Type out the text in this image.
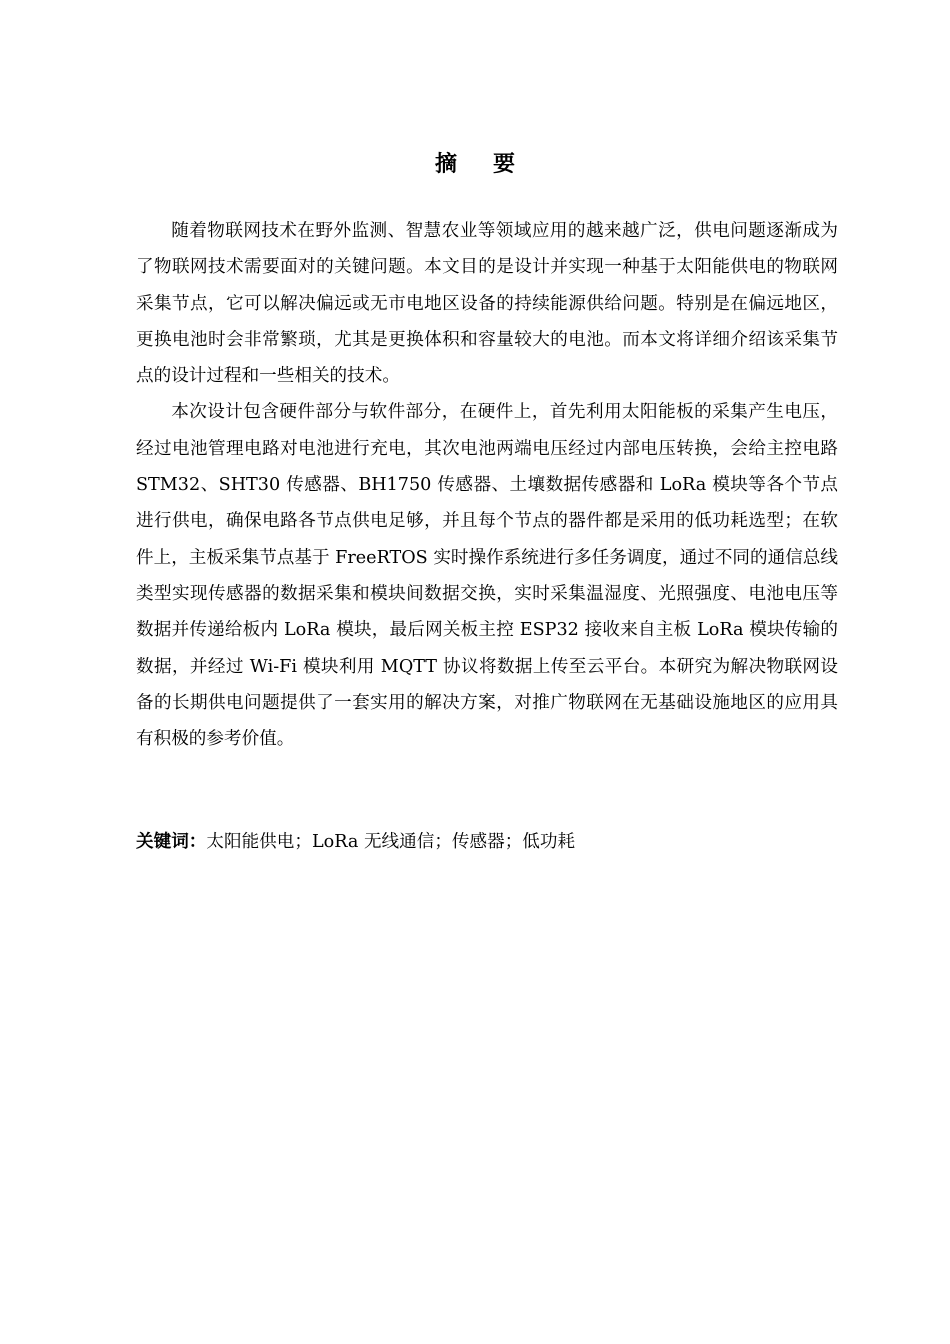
摘 要

随着物联网技术在野外监测、智慧农业等领域应用的越来越广泛，供电问题逐渐成为了物联网技术需要面对的关键问题。本文目的是设计并实现一种基于太阳能供电的物联网采集节点，它可以解决偏远或无市电地区设备的持续能源供给问题。特别是在偏远地区，更换电池时会非常繁琐，尤其是更换体积和容量较大的电池。而本文将详细介绍该采集节点的设计过程和一些相关的技术。

本次设计包含硬件部分与软件部分，在硬件上，首先利用太阳能板的采集产生电压，经过电池管理电路对电池进行充电，其次电池两端电压经过内部电压转换，会给主控电路 STM32、SHT30 传感器、BH1750 传感器、土壤数据传感器和 LoRa 模块等各个节点进行供电，确保电路各节点供电足够，并且每个节点的器件都是采用的低功耗选型；在软件上，主板采集节点基于 FreeRTOS 实时操作系统进行多任务调度，通过不同的通信总线类型实现传感器的数据采集和模块间数据交换，实时采集温湿度、光照强度、电池电压等数据并传递给板内 LoRa 模块，最后网关板主控 ESP32 接收来自主板 LoRa 模块传输的数据，并经过 Wi-Fi 模块利用 MQTT 协议将数据上传至云平台。本研究为解决物联网设备的长期供电问题提供了一套实用的解决方案，对推广物联网在无基础设施地区的应用具有积极的参考价值。

关键词：太阳能供电；LoRa 无线通信；传感器；低功耗
